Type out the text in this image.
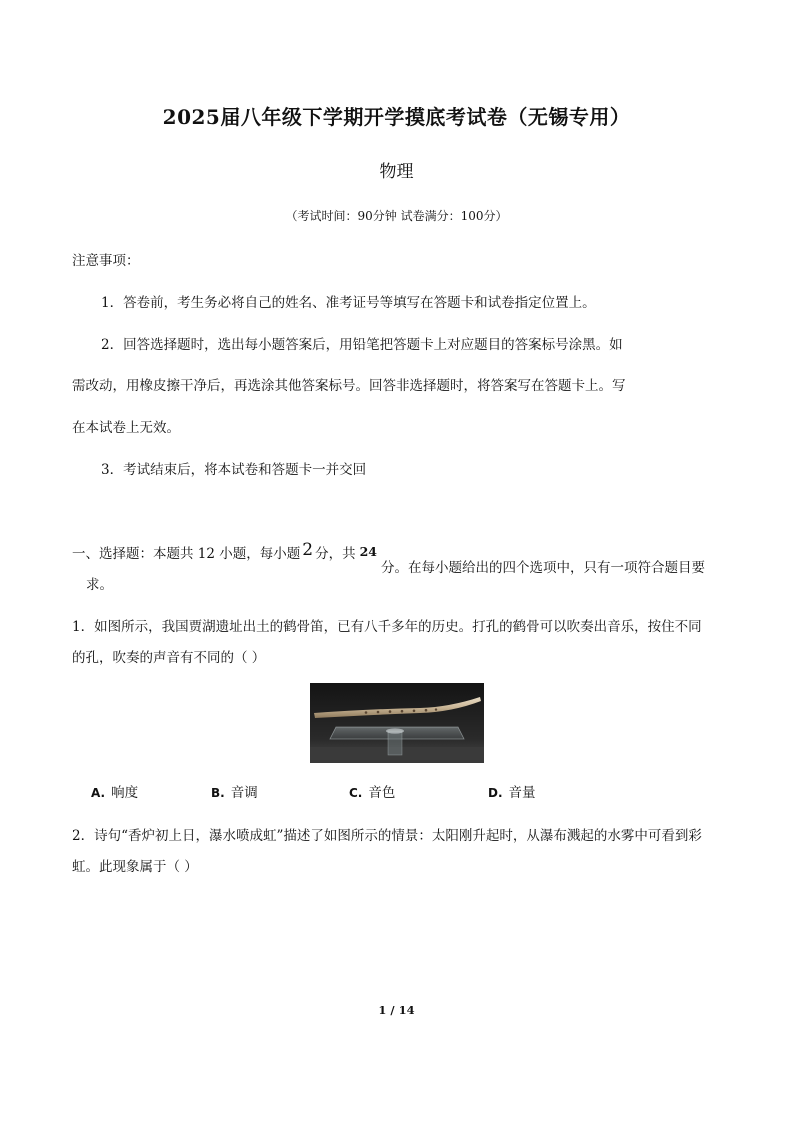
2025届八年级下学期开学摸底考试卷（无锡专用）
物理
（考试时间：90分钟 试卷满分：100分）
注意事项：
1．答卷前，考生务必将自己的姓名、准考证号等填写在答题卡和试卷指定位置上。
2．回答选择题时，选出每小题答案后，用铅笔把答题卡上对应题目的答案标号涂黑。如
需改动，用橡皮擦干净后，再选涂其他答案标号。回答非选择题时，将答案写在答题卡上。写
在本试卷上无效。
3．考试结束后，将本试卷和答题卡一并交回
一、选择题：本题共 12 小题，每小题 2 分，共 24
分。在每小题给出的四个选项中，只有一项符合题目要
求。
1．如图所示，我国贾湖遗址出土的鹤骨笛，已有八千多年的历史。打孔的鹤骨可以吹奏出音乐，按住不同
的孔，吹奏的声音有不同的（ ）
A. 响度	B. 音调	C. 音色	D. 音量
2．诗句“香炉初上日，瀑水喷成虹”描述了如图所示的情景：太阳刚升起时，从瀑布溅起的水雾中可看到彩
虹。此现象属于（ ）
1 / 14
